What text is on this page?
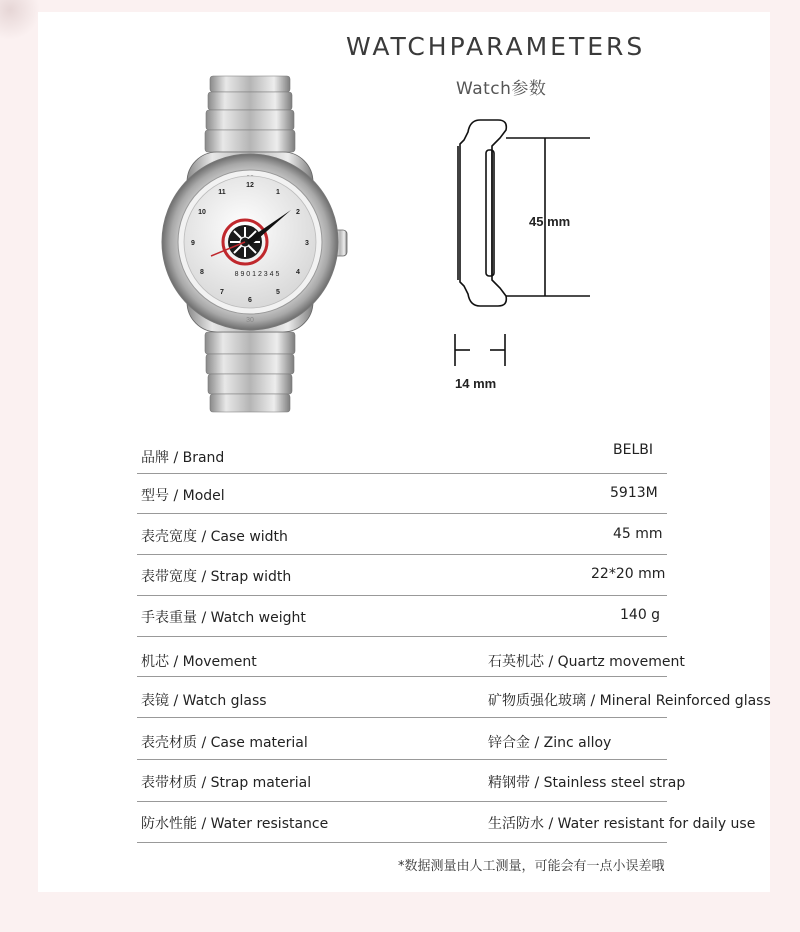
WATCHPARAMETERS
Watch参数
30
12
1
2
3
4
5
6
7
8
9
10
11
8 9 0 1 2 3 4 5
45 mm
14 mm
品牌 / Brand	BELBI
型号 / Model	5913M
表壳宽度 / Case width	45 mm
表带宽度 / Strap width	22*20 mm
手表重量 / Watch weight	140 g
机芯 / Movement	石英机芯 / Quartz movement
表镜 / Watch glass	矿物质强化玻璃 / Mineral Reinforced glass
表壳材质 / Case material	锌合金 / Zinc alloy
表带材质 / Strap material	精钢带 / Stainless steel strap
防水性能 / Water resistance	生活防水 / Water resistant for daily use
*数据测量由人工测量，可能会有一点小误差哦
